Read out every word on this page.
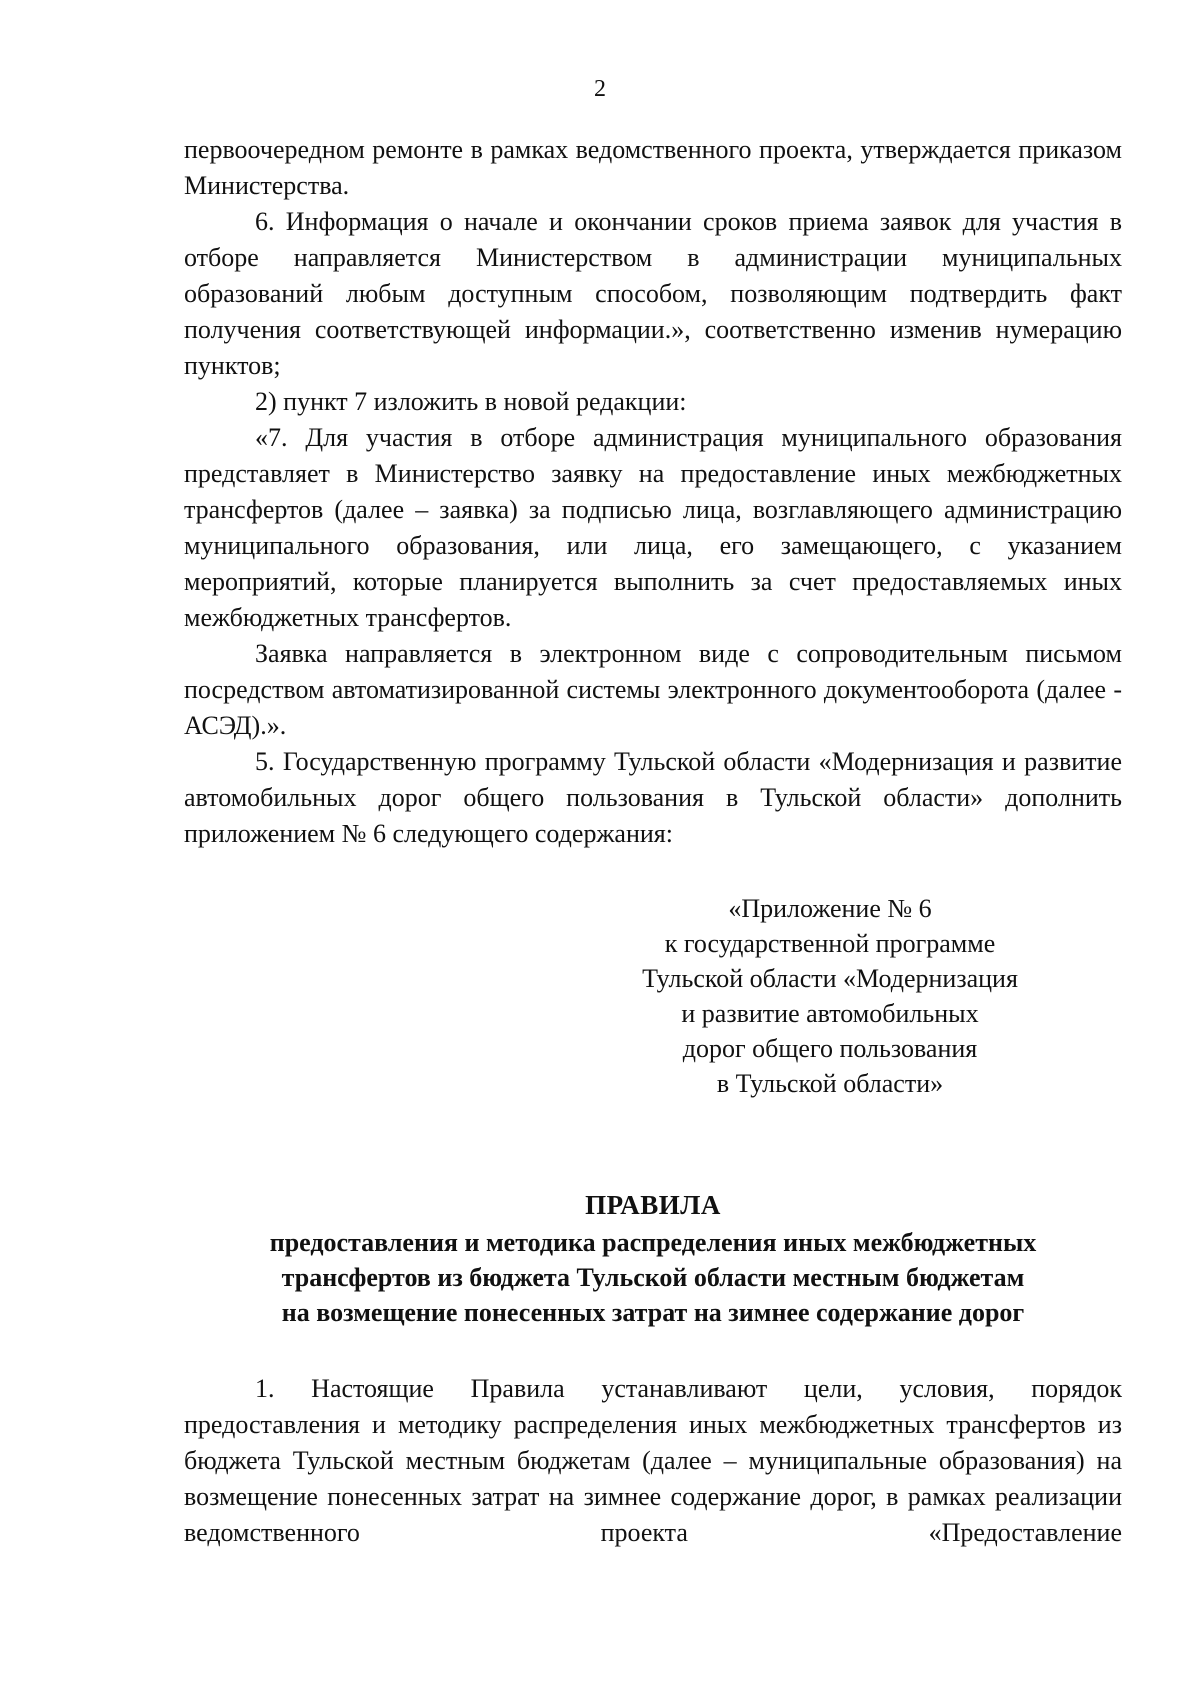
2

первоочередном ремонте в рамках ведомственного проекта, утверждается приказом Министерства.

6. Информация о начале и окончании сроков приема заявок для участия в отборе направляется Министерством в администрации муниципальных образований любым доступным способом, позволяющим подтвердить факт получения соответствующей информации.», соответственно изменив нумерацию пунктов;

2) пункт 7 изложить в новой редакции:

«7. Для участия в отборе администрация муниципального образования представляет в Министерство заявку на предоставление иных межбюджетных трансфертов (далее – заявка) за подписью лица, возглавляющего администрацию муниципального образования, или лица, его замещающего, с указанием мероприятий, которые планируется выполнить за счет предоставляемых иных межбюджетных трансфертов.

Заявка направляется в электронном виде с сопроводительным письмом посредством автоматизированной системы электронного документооборота (далее - АСЭД).».

5. Государственную программу Тульской области «Модернизация и развитие автомобильных дорог общего пользования в Тульской области» дополнить приложением № 6 следующего содержания:

«Приложение № 6
к государственной программе
Тульской области «Модернизация
и развитие автомобильных
дорог общего пользования
в Тульской области»
ПРАВИЛА
предоставления и методика распределения иных межбюджетных
трансфертов из бюджета Тульской области местным бюджетам
на возмещение понесенных затрат на зимнее содержание дорог

1. Настоящие Правила устанавливают цели, условия, порядок предоставления и методику распределения иных межбюджетных трансфертов из бюджета Тульской местным бюджетам (далее – муниципальные образования) на возмещение понесенных затрат на зимнее содержание дорог, в рамках реализации ведомственного проекта «Предоставление
